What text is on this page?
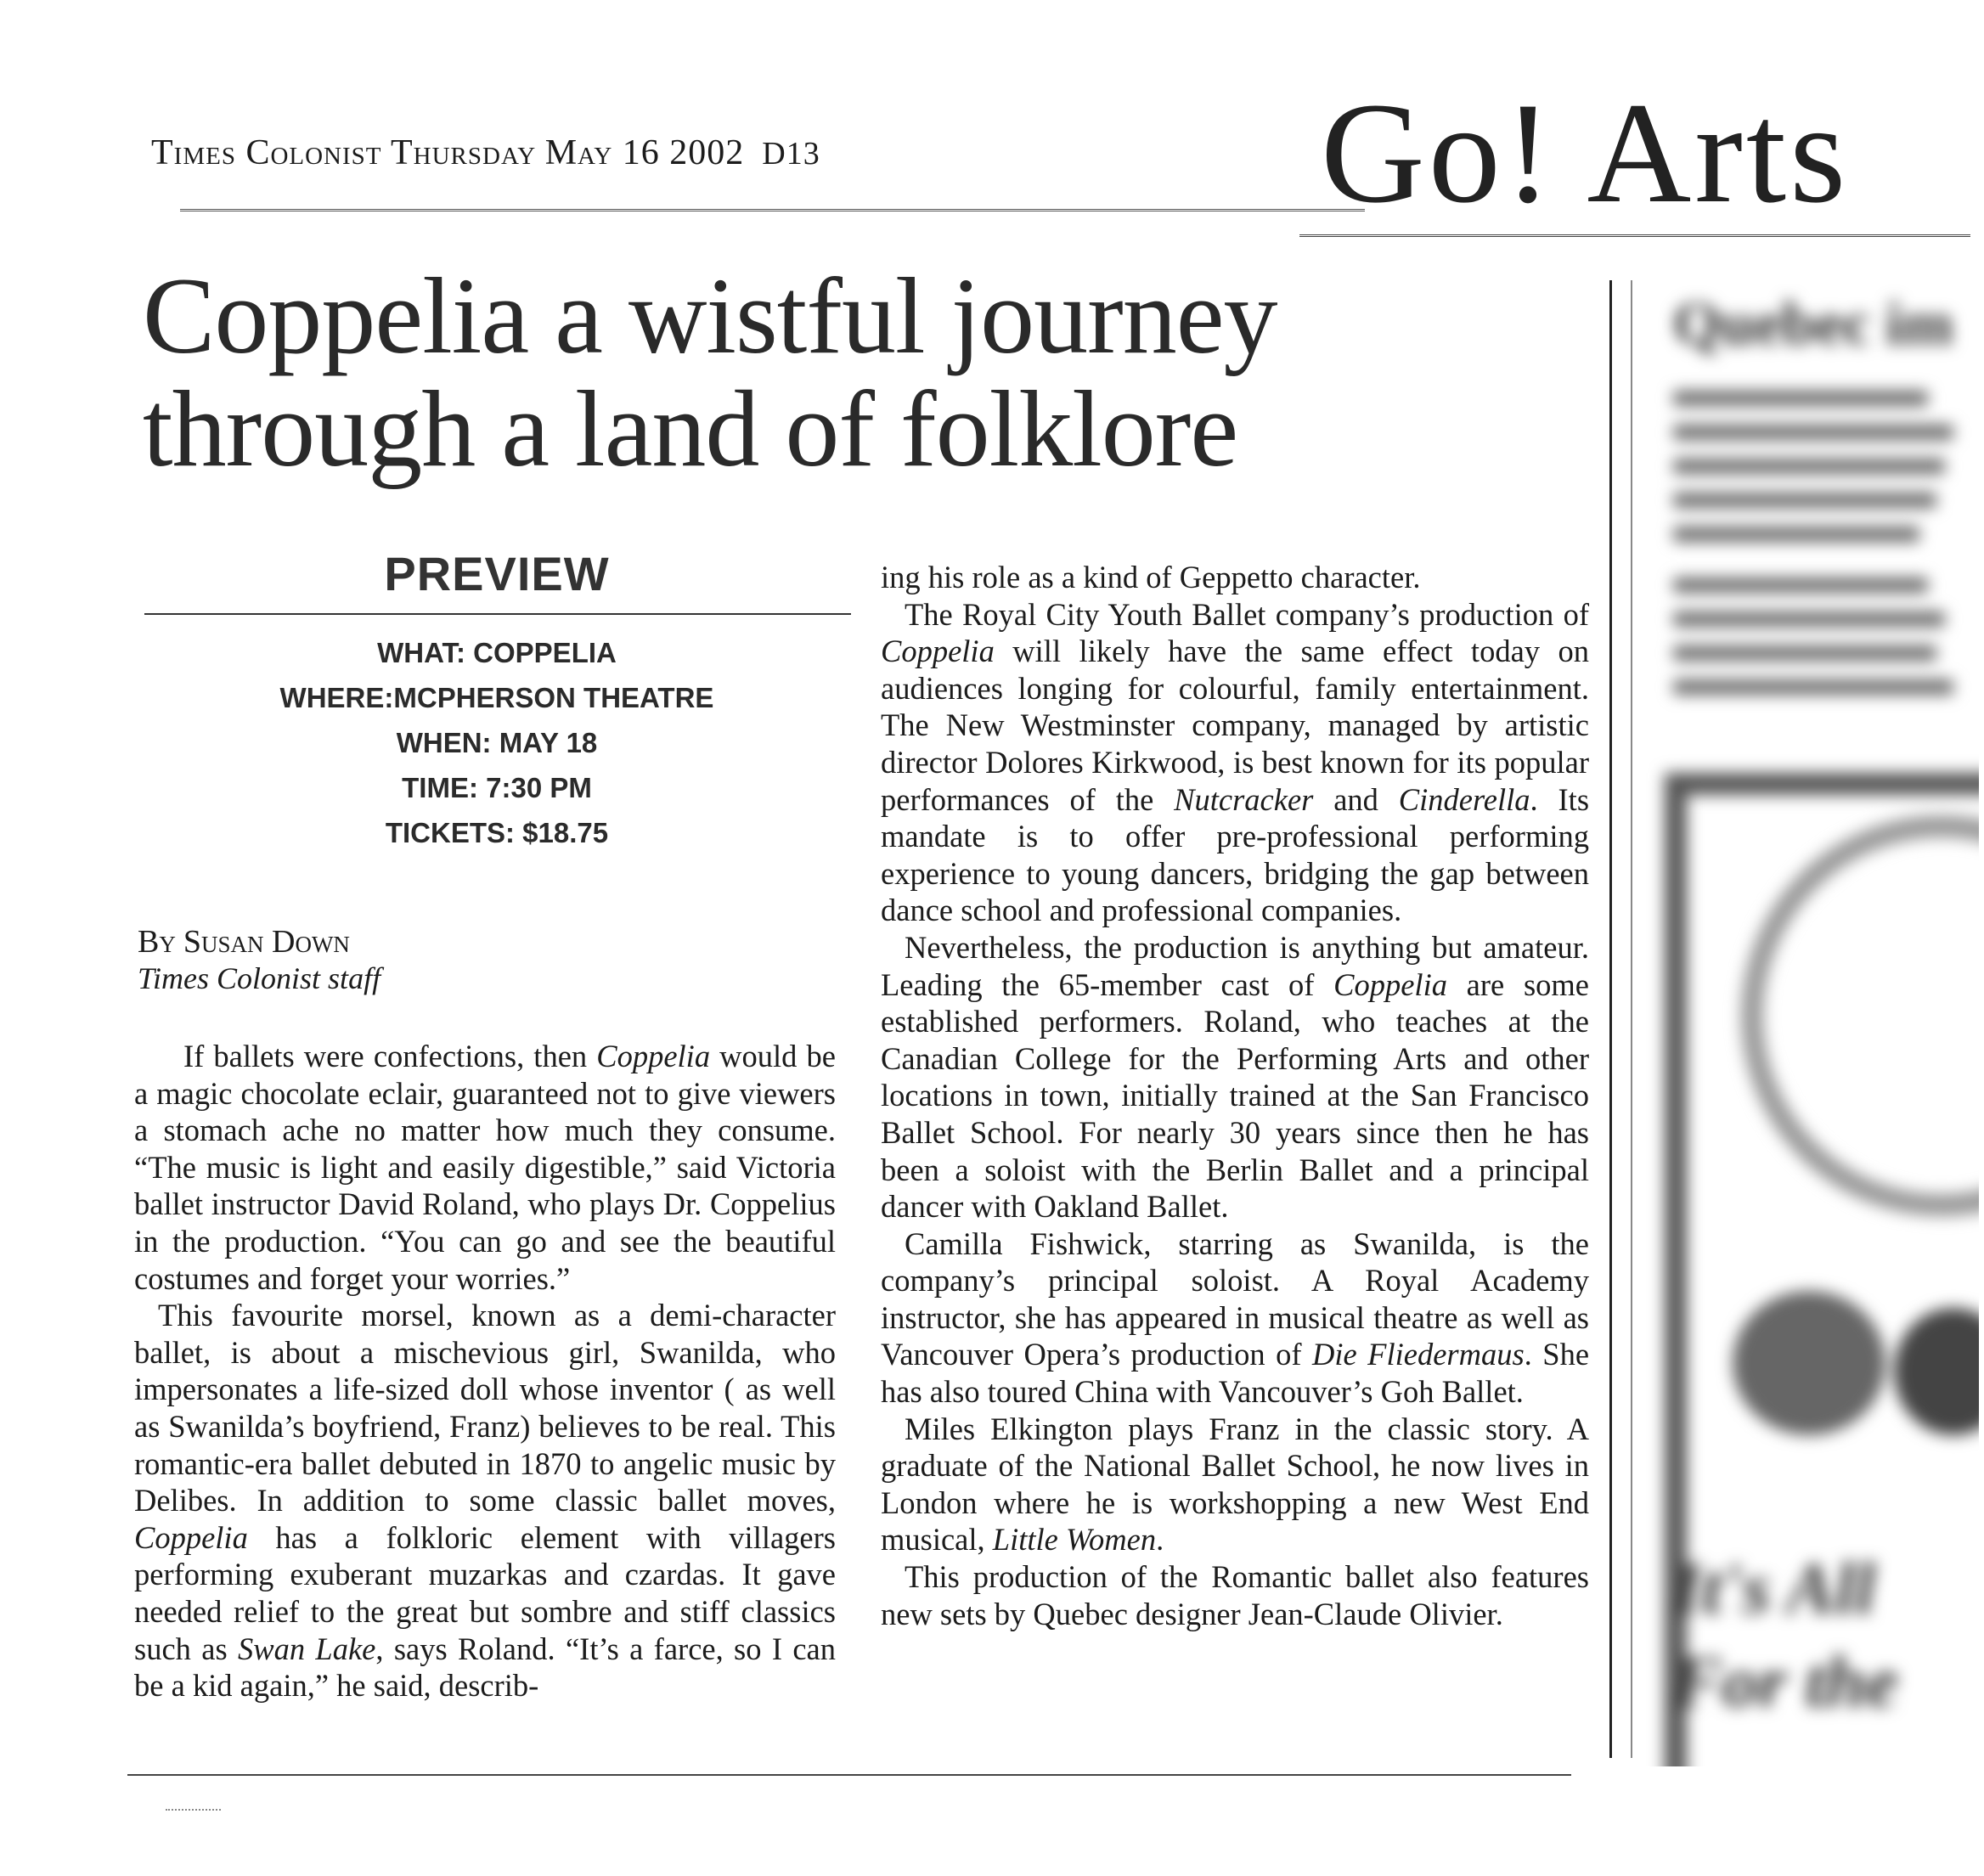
Times Colonist Thursday May 16 2002 D13	Go! Arts
Coppelia a wistful journey through a land of folklore
PREVIEW
WHAT: COPPELIA
WHERE:MCPHERSON THEATRE
WHEN: MAY 18
TIME: 7:30 PM
TICKETS: $18.75
By Susan Down
Times Colonist staff

If ballets were confections, then Coppelia would be a magic chocolate eclair, guaranteed not to give viewers a stomach ache no matter how much they consume. “The music is light and easily digestible,” said Victoria ballet instructor David Roland, who plays Dr. Coppelius in the production. “You can go and see the beautiful costumes and forget your worries.”

This favourite morsel, known as a demi-character ballet, is about a mischevious girl, Swanilda, who impersonates a life-sized doll whose inventor ( as well as Swanilda’s boyfriend, Franz) believes to be real. This romantic-era ballet debuted in 1870 to angelic music by Delibes. In addition to some classic ballet moves, Coppelia has a folkloric element with villagers performing exuberant muzarkas and czardas. It gave needed relief to the great but sombre and stiff classics such as Swan Lake, says Roland. “It’s a farce, so I can be a kid again,” he said, describ-

ing his role as a kind of Geppetto character.

The Royal City Youth Ballet company’s production of Coppelia will likely have the same effect today on audiences longing for colourful, family entertainment. The New Westminster company, managed by artistic director Dolores Kirkwood, is best known for its popular performances of the Nutcracker and Cinderella. Its mandate is to offer pre-professional performing experience to young dancers, bridging the gap between dance school and professional companies.

Nevertheless, the production is anything but amateur. Leading the 65-member cast of Coppelia are some established performers. Roland, who teaches at the Canadian College for the Performing Arts and other locations in town, initially trained at the San Francisco Ballet School. For nearly 30 years since then he has been a soloist with the Berlin Ballet and a principal dancer with Oakland Ballet.

Camilla Fishwick, starring as Swanilda, is the company’s principal soloist. A Royal Academy instructor, she has appeared in musical theatre as well as Vancouver Opera’s production of Die Fliedermaus. She has also toured China with Vancouver’s Goh Ballet.

Miles Elkington plays Franz in the classic story. A graduate of the National Ballet School, he now lives in London where he is workshopping a new West End musical, Little Women.

This production of the Romantic ballet also features new sets by Quebec designer Jean-Claude Olivier.

Quebec im
It's All
For the
